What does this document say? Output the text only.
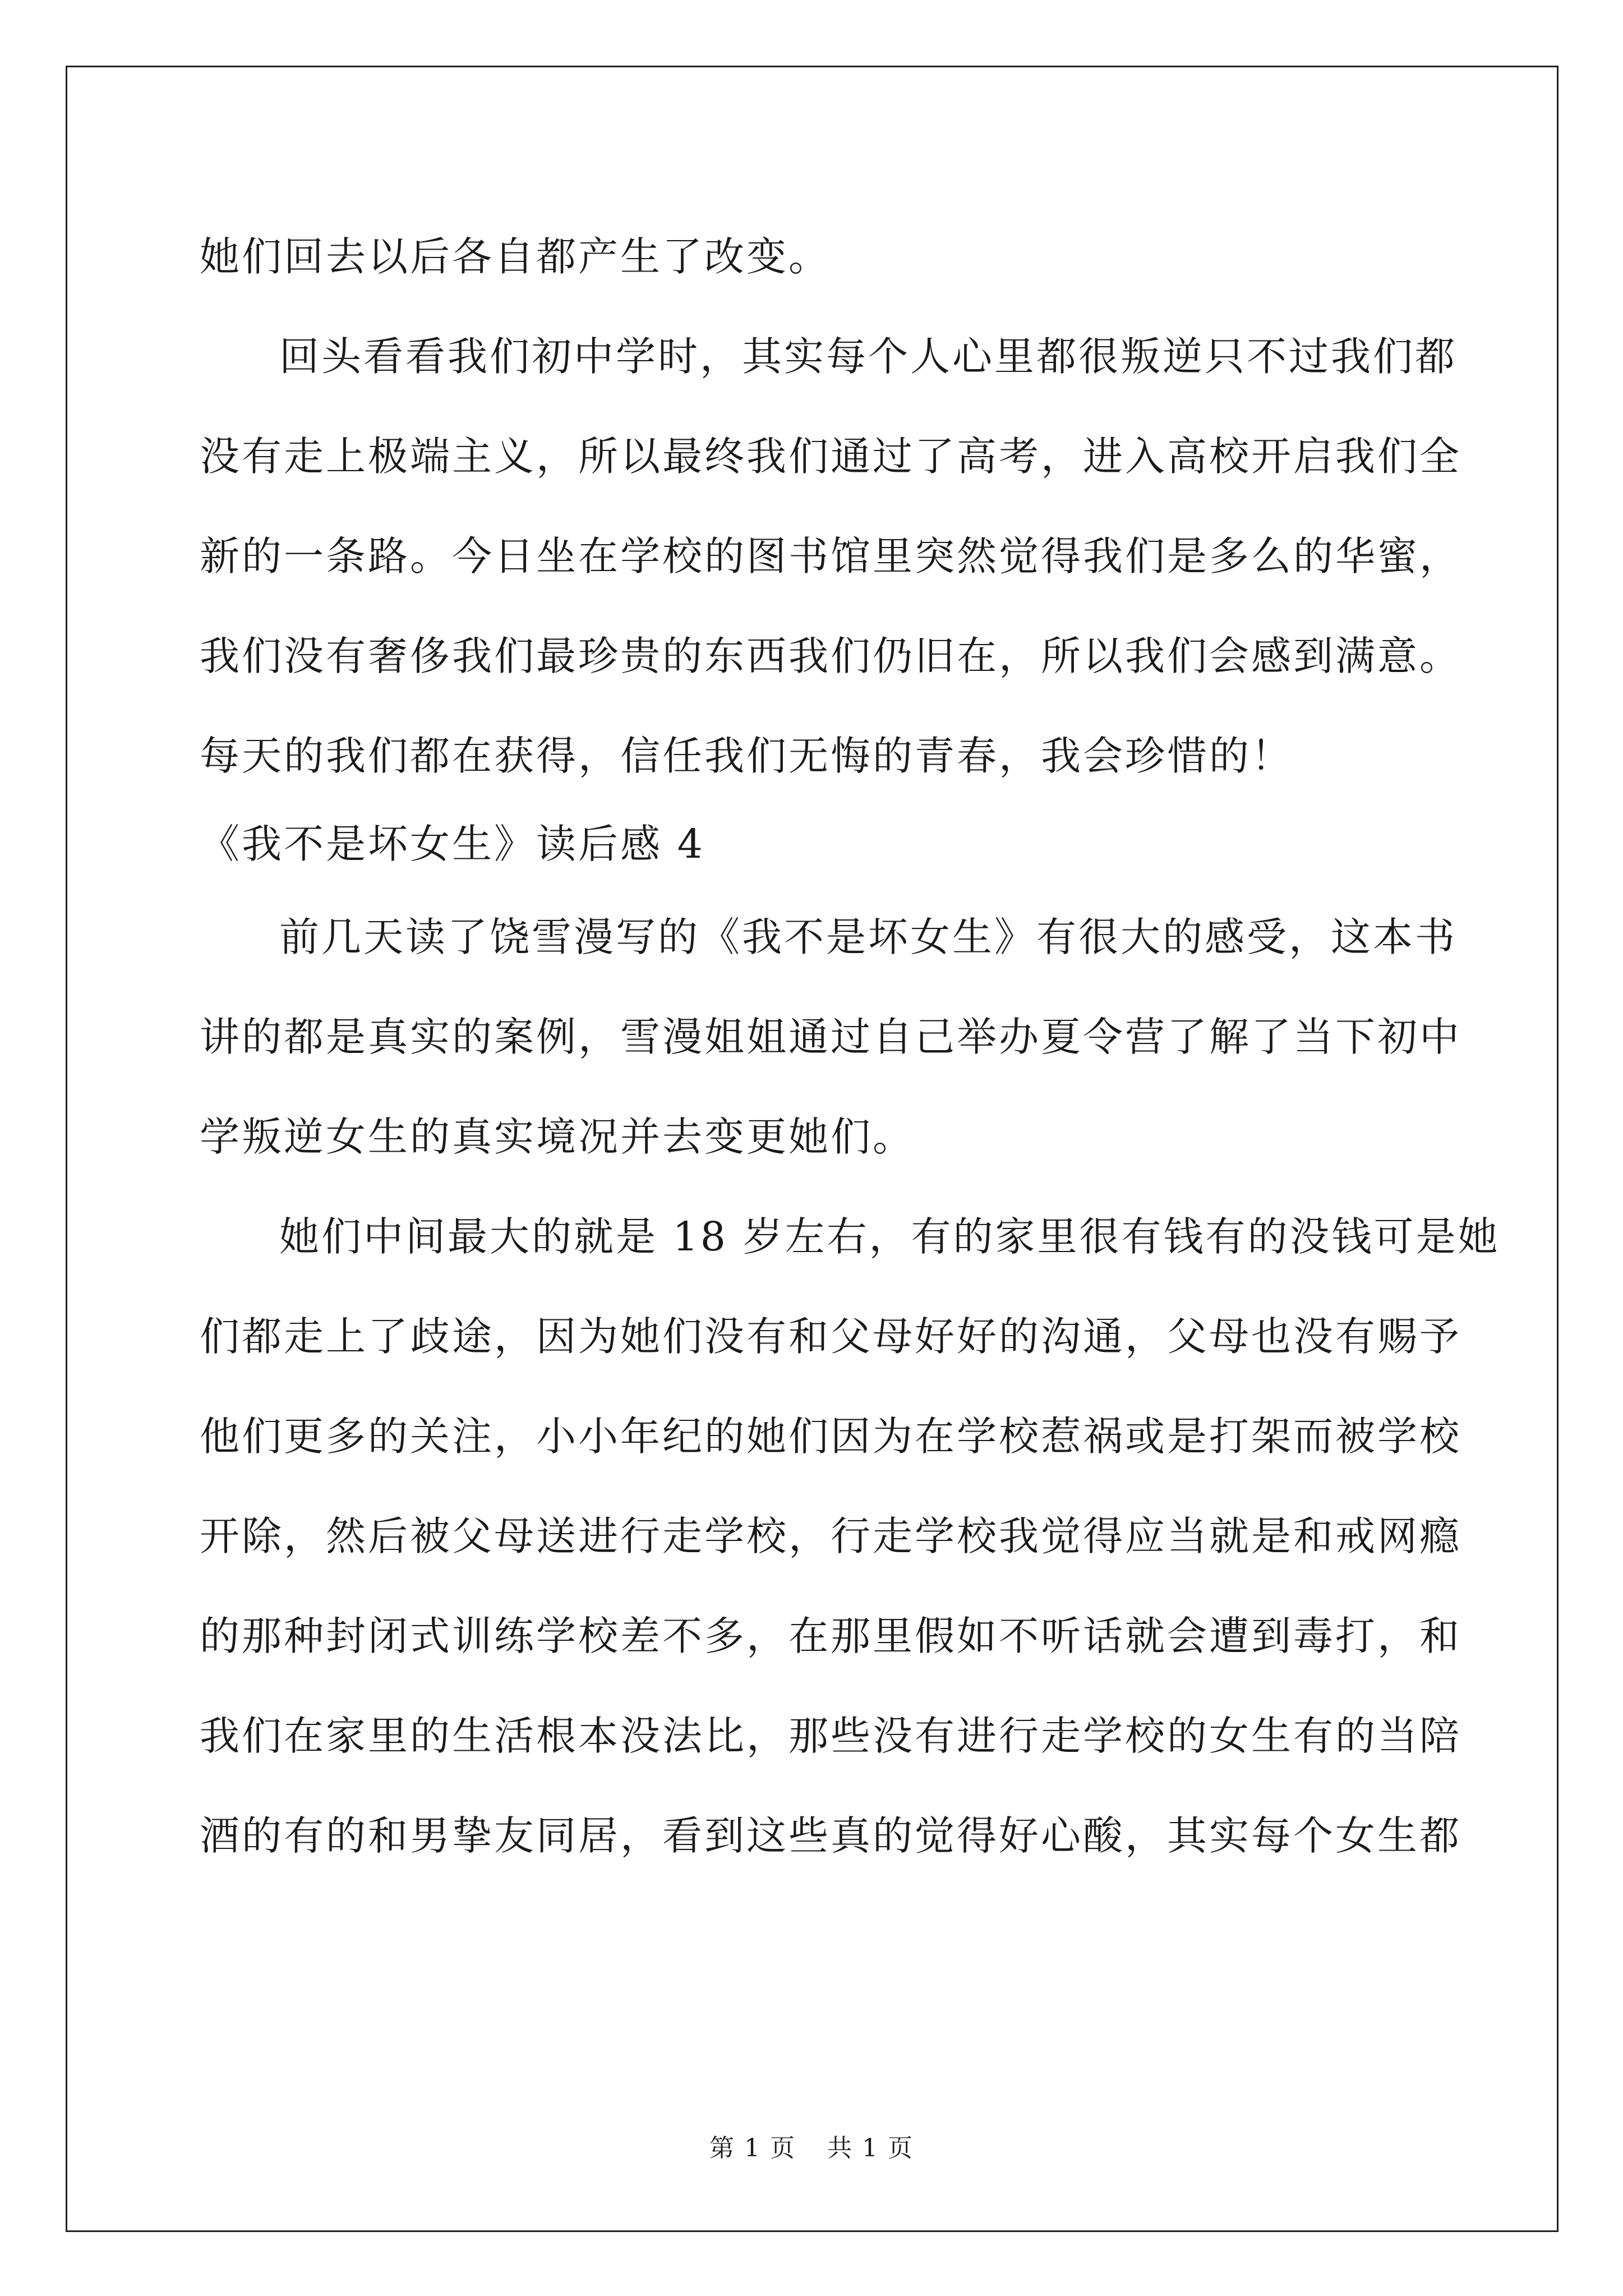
她们回去以后各自都产生了改变。
回头看看我们初中学时，其实每个人心里都很叛逆只不过我们都
没有走上极端主义，所以最终我们通过了高考，进入高校开启我们全
新的一条路。今日坐在学校的图书馆里突然觉得我们是多么的华蜜，
我们没有奢侈我们最珍贵的东西我们仍旧在，所以我们会感到满意。
每天的我们都在获得，信任我们无悔的青春，我会珍惜的！
《我不是坏女生》读后感 4
前几天读了饶雪漫写的《我不是坏女生》有很大的感受，这本书
讲的都是真实的案例，雪漫姐姐通过自己举办夏令营了解了当下初中
学叛逆女生的真实境况并去变更她们。
她们中间最大的就是 18 岁左右，有的家里很有钱有的没钱可是她
们都走上了歧途，因为她们没有和父母好好的沟通，父母也没有赐予
他们更多的关注，小小年纪的她们因为在学校惹祸或是打架而被学校
开除，然后被父母送进行走学校，行走学校我觉得应当就是和戒网瘾
的那种封闭式训练学校差不多，在那里假如不听话就会遭到毒打，和
我们在家里的生活根本没法比，那些没有进行走学校的女生有的当陪
酒的有的和男挚友同居，看到这些真的觉得好心酸，其实每个女生都
第 1 页 共 1 页
